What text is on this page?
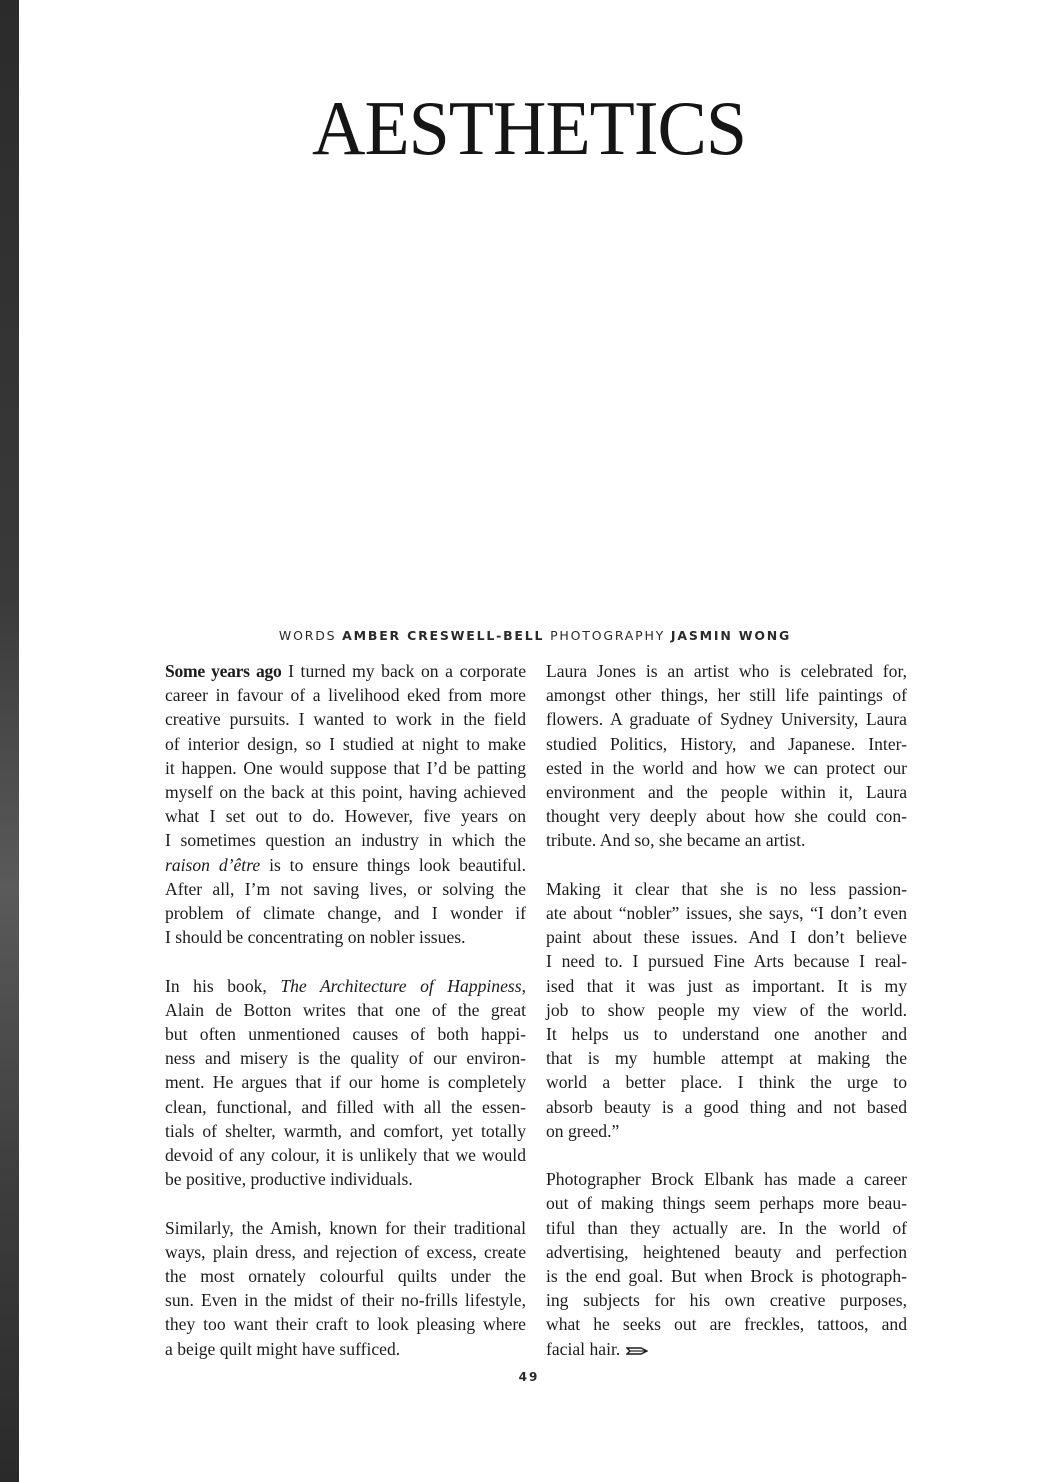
AESTHETICS
WORDS AMBER CRESWELL-BELL PHOTOGRAPHY JASMIN WONG
Some years ago I turned my back on a corporate
career in favour of a livelihood eked from more
creative pursuits. I wanted to work in the field
of interior design, so I studied at night to make
it happen. One would suppose that I’d be patting
myself on the back at this point, having achieved
what I set out to do. However, five years on
I sometimes question an industry in which the
raison d’être is to ensure things look beautiful.
After all, I’m not saving lives, or solving the
problem of climate change, and I wonder if
I should be concentrating on nobler issues.
In his book, The Architecture of Happiness,
Alain de Botton writes that one of the great
but often unmentioned causes of both happi-
ness and misery is the quality of our environ-
ment. He argues that if our home is completely
clean, functional, and filled with all the essen-
tials of shelter, warmth, and comfort, yet totally
devoid of any colour, it is unlikely that we would
be positive, productive individuals.
Similarly, the Amish, known for their traditional
ways, plain dress, and rejection of excess, create
the most ornately colourful quilts under the
sun. Even in the midst of their no-frills lifestyle,
they too want their craft to look pleasing where
a beige quilt might have sufficed.
Laura Jones is an artist who is celebrated for,
amongst other things, her still life paintings of
flowers. A graduate of Sydney University, Laura
studied Politics, History, and Japanese. Inter-
ested in the world and how we can protect our
environment and the people within it, Laura
thought very deeply about how she could con-
tribute. And so, she became an artist.
Making it clear that she is no less passion-
ate about “nobler” issues, she says, “I don’t even
paint about these issues. And I don’t believe
I need to. I pursued Fine Arts because I real-
ised that it was just as important. It is my
job to show people my view of the world.
It helps us to understand one another and
that is my humble attempt at making the
world a better place. I think the urge to
absorb beauty is a good thing and not based
on greed.”
Photographer Brock Elbank has made a career
out of making things seem perhaps more beau-
tiful than they actually are. In the world of
advertising, heightened beauty and perfection
is the end goal. But when Brock is photograph-
ing subjects for his own creative purposes,
what he seeks out are freckles, tattoos, and
facial hair.
49
